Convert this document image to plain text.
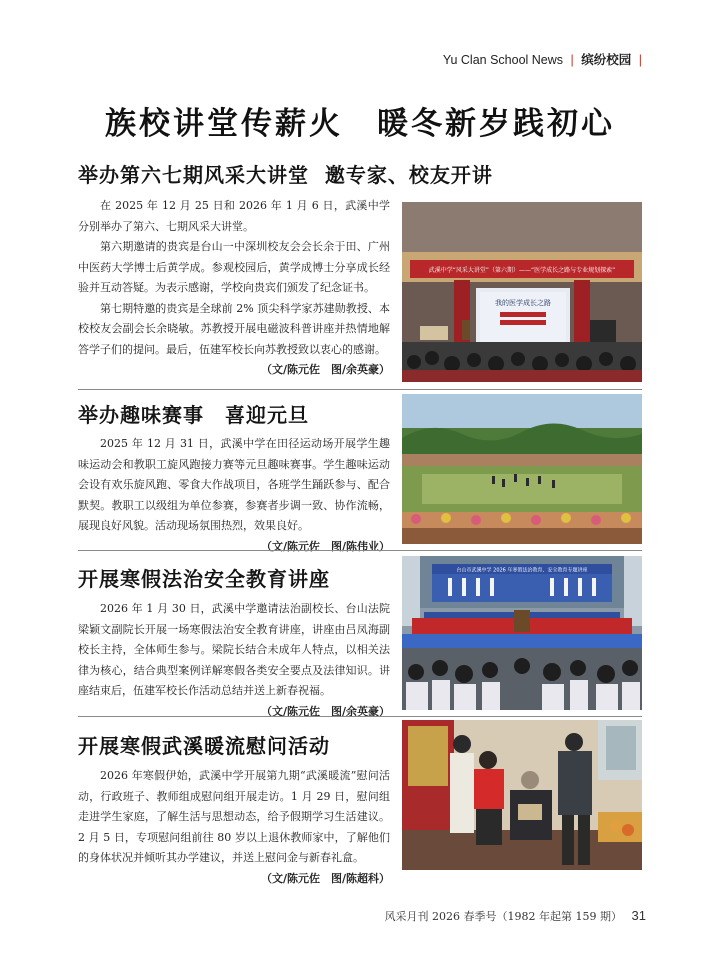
Yu Clan School News | 缤纷校园 |
族校讲堂传薪火　暖冬新岁践初心
举办第六七期风采大讲堂  邀专家、校友开讲

在 2025 年 12 月 25 日和 2026 年 1 月 6 日，武溪中学分别举办了第六、七期风采大讲堂。

第六期邀请的贵宾是台山一中深圳校友会会长余于田、广州中医药大学博士后黄学成。参观校园后，黄学成博士分享成长经验并互动答疑。为表示感谢，学校向贵宾们颁发了纪念证书。

第七期特邀的贵宾是全球前 2% 顶尖科学家苏建勋教授、本校校友会副会长余晓敏。苏教授开展电磁波科普讲座并热情地解答学子们的提问。最后，伍建军校长向苏教授致以衷心的感谢。

（文/陈元佐　图/余英豪）
武溪中学“风采大讲堂”（第六期）——“医学成长之路与专业规划探索”
我的医学成长之路
举办趣味赛事　喜迎元旦

2025 年 12 月 31 日，武溪中学在田径运动场开展学生趣味运动会和教职工旋风跑接力赛等元旦趣味赛事。学生趣味运动会设有欢乐旋风跑、零食大作战项目，各班学生踊跃参与、配合默契。教职工以级组为单位参赛，参赛者步调一致、协作流畅，展现良好风貌。活动现场氛围热烈，效果良好。

（文/陈元佐　图/陈伟业）
开展寒假法治安全教育讲座

2026 年 1 月 30 日，武溪中学邀请法治副校长、台山法院梁颖文副院长开展一场寒假法治安全教育讲座，讲座由吕凤海副校长主持，全体师生参与。梁院长结合未成年人特点，以相关法律为核心，结合典型案例详解寒假各类安全要点及法律知识。讲座结束后，伍建军校长作活动总结并送上新春祝福。

（文/陈元佐　图/余英豪）
台山市武溪中学 2026 年寒假法治教育、安全教育专题讲座
开展寒假武溪暖流慰问活动

2026 年寒假伊始，武溪中学开展第九期“武溪暖流”慰问活动，行政班子、教师组成慰问组开展走访。1 月 29 日，慰问组走进学生家庭，了解生活与思想动态，给予假期学习生活建议。2 月 5 日，专项慰问组前往 80 岁以上退休教师家中，了解他们的身体状况并倾听其办学建议，并送上慰问金与新春礼盒。

（文/陈元佐　图/陈超科）
风采月刊 2026 春季号（1982 年起第 159 期） 31
